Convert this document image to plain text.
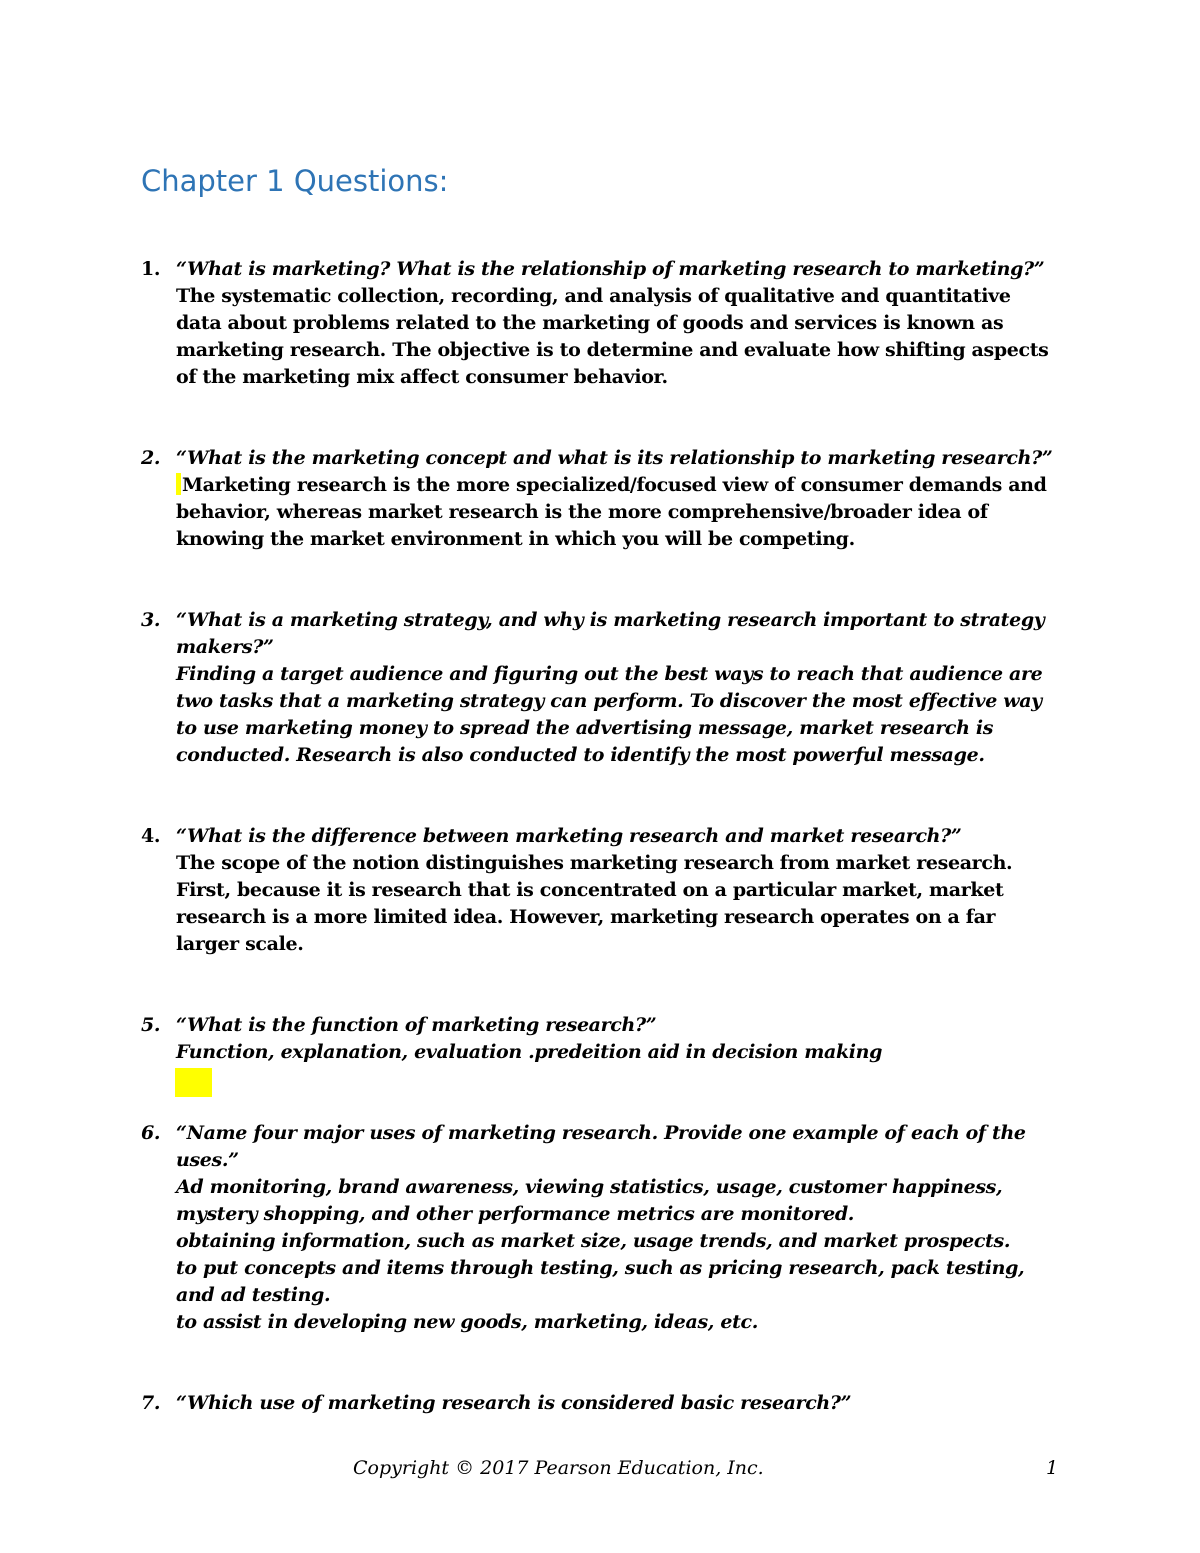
Chapter 1 Questions:
1. “What is marketing? What is the relationship of marketing research to marketing?”
The systematic collection, recording, and analysis of qualitative and quantitative data about problems related to the marketing of goods and services is known as marketing research. The objective is to determine and evaluate how shifting aspects of the marketing mix affect consumer behavior.
2. “What is the marketing concept and what is its relationship to marketing research?”
Marketing research is the more specialized/focused view of consumer demands and behavior, whereas market research is the more comprehensive/broader idea of knowing the market environment in which you will be competing.
3. “What is a marketing strategy, and why is marketing research important to strategy makers?”
Finding a target audience and figuring out the best ways to reach that audience are two tasks that a marketing strategy can perform. To discover the most effective way to use marketing money to spread the advertising message, market research is conducted. Research is also conducted to identify the most powerful message.
4. “What is the difference between marketing research and market research?”
The scope of the notion distinguishes marketing research from market research. First, because it is research that is concentrated on a particular market, market research is a more limited idea. However, marketing research operates on a far larger scale.
5. “What is the function of marketing research?”
Function, explanation, evaluation .predeition aid in decision making
6. “Name four major uses of marketing research. Provide one example of each of the uses.”
Ad monitoring, brand awareness, viewing statistics, usage, customer happiness, mystery shopping, and other performance metrics are monitored.
obtaining information, such as market size, usage trends, and market prospects.
to put concepts and items through testing, such as pricing research, pack testing, and ad testing.
to assist in developing new goods, marketing, ideas, etc.
7. “Which use of marketing research is considered basic research?”
Copyright © 2017 Pearson Education, Inc.	1
